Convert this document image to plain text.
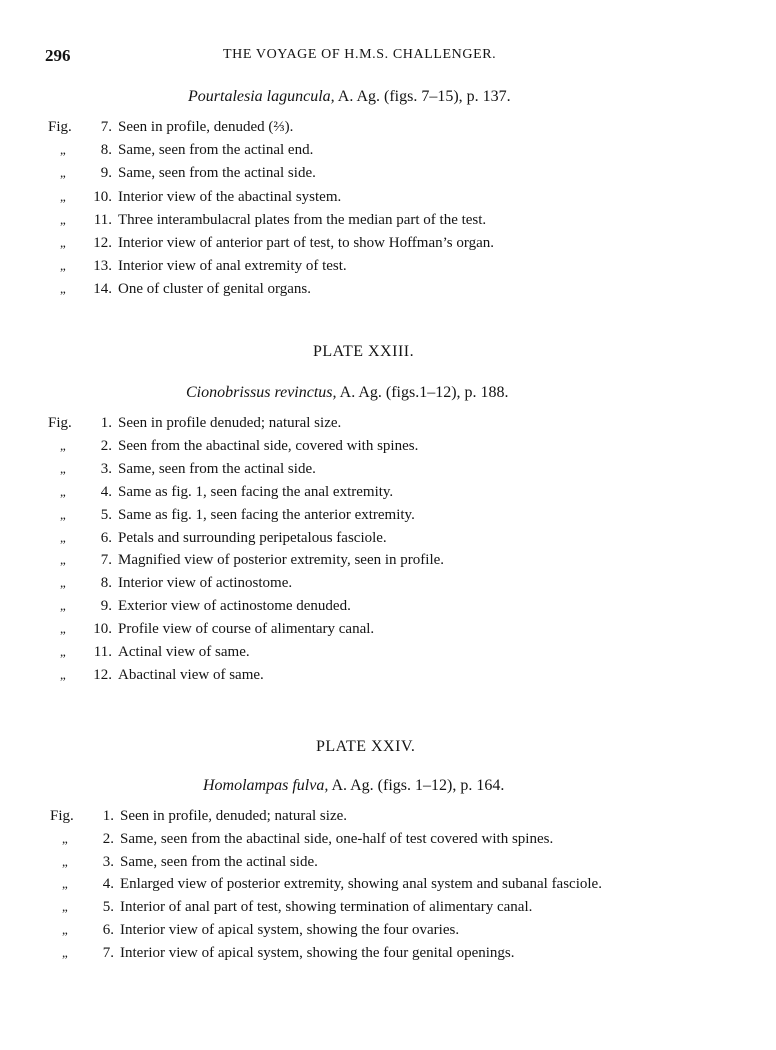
296	THE VOYAGE OF H.M.S. CHALLENGER.
Pourtalesia laguncula, A. Ag. (figs. 7–15), p. 137.
Fig.	7. Seen in profile, denuded (⅔).
„	8. Same, seen from the actinal end.
„	9. Same, seen from the actinal side.
„	10. Interior view of the abactinal system.
„	11. Three interambulacral plates from the median part of the test.
„	12. Interior view of anterior part of test, to show Hoffman’s organ.
„	13. Interior view of anal extremity of test.
„	14. One of cluster of genital organs.
PLATE XXIII.
Cionobrissus revinctus, A. Ag. (figs.1–12), p. 188.
Fig.	1. Seen in profile denuded; natural size.
„	2. Seen from the abactinal side, covered with spines.
„	3. Same, seen from the actinal side.
„	4. Same as fig. 1, seen facing the anal extremity.
„	5. Same as fig. 1, seen facing the anterior extremity.
„	6. Petals and surrounding peripetalous fasciole.
„	7. Magnified view of posterior extremity, seen in profile.
„	8. Interior view of actinostome.
„	9. Exterior view of actinostome denuded.
„	10. Profile view of course of alimentary canal.
„	11. Actinal view of same.
„	12. Abactinal view of same.
PLATE XXIV.
Homolampas fulva, A. Ag. (figs. 1–12), p. 164.
Fig.	1. Seen in profile, denuded; natural size.
„	2. Same, seen from the abactinal side, one-half of test covered with spines.
„	3. Same, seen from the actinal side.
„	4. Enlarged view of posterior extremity, showing anal system and subanal fasciole.
„	5. Interior of anal part of test, showing termination of alimentary canal.
„	6. Interior view of apical system, showing the four ovaries.
„	7. Interior view of apical system, showing the four genital openings.
